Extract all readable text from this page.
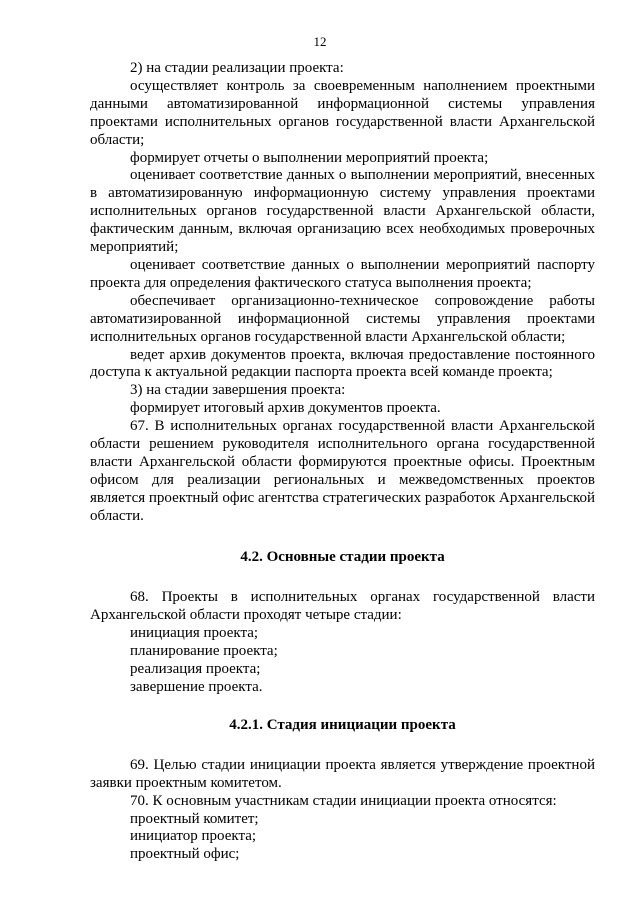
12

2) на стадии реализации проекта:

осуществляет контроль за своевременным наполнением проектными данными автоматизированной информационной системы управления проектами исполнительных органов государственной власти Архангельской области;

формирует отчеты о выполнении мероприятий проекта;

оценивает соответствие данных о выполнении мероприятий, внесенных в автоматизированную информационную систему управления проектами исполнительных органов государственной власти Архангельской области, фактическим данным, включая организацию всех необходимых проверочных мероприятий;

оценивает соответствие данных о выполнении мероприятий паспорту проекта для определения фактического статуса выполнения проекта;

обеспечивает организационно-техническое сопровождение работы автоматизированной информационной системы управления проектами исполнительных органов государственной власти Архангельской области;

ведет архив документов проекта, включая предоставление постоянного доступа к актуальной редакции паспорта проекта всей команде проекта;

3) на стадии завершения проекта:

формирует итоговый архив документов проекта.

67. В исполнительных органах государственной власти Архангельской области решением руководителя исполнительного органа государственной власти Архангельской области формируются проектные офисы. Проектным офисом для реализации региональных и межведомственных проектов является проектный офис агентства стратегических разработок Архангельской области.

4.2. Основные стадии проекта

68. Проекты в исполнительных органах государственной власти Архангельской области проходят четыре стадии:

инициация проекта;

планирование проекта;

реализация проекта;

завершение проекта.

4.2.1. Стадия инициации проекта

69. Целью стадии инициации проекта является утверждение проектной заявки проектным комитетом.

70. К основным участникам стадии инициации проекта относятся:

проектный комитет;

инициатор проекта;

проектный офис;
